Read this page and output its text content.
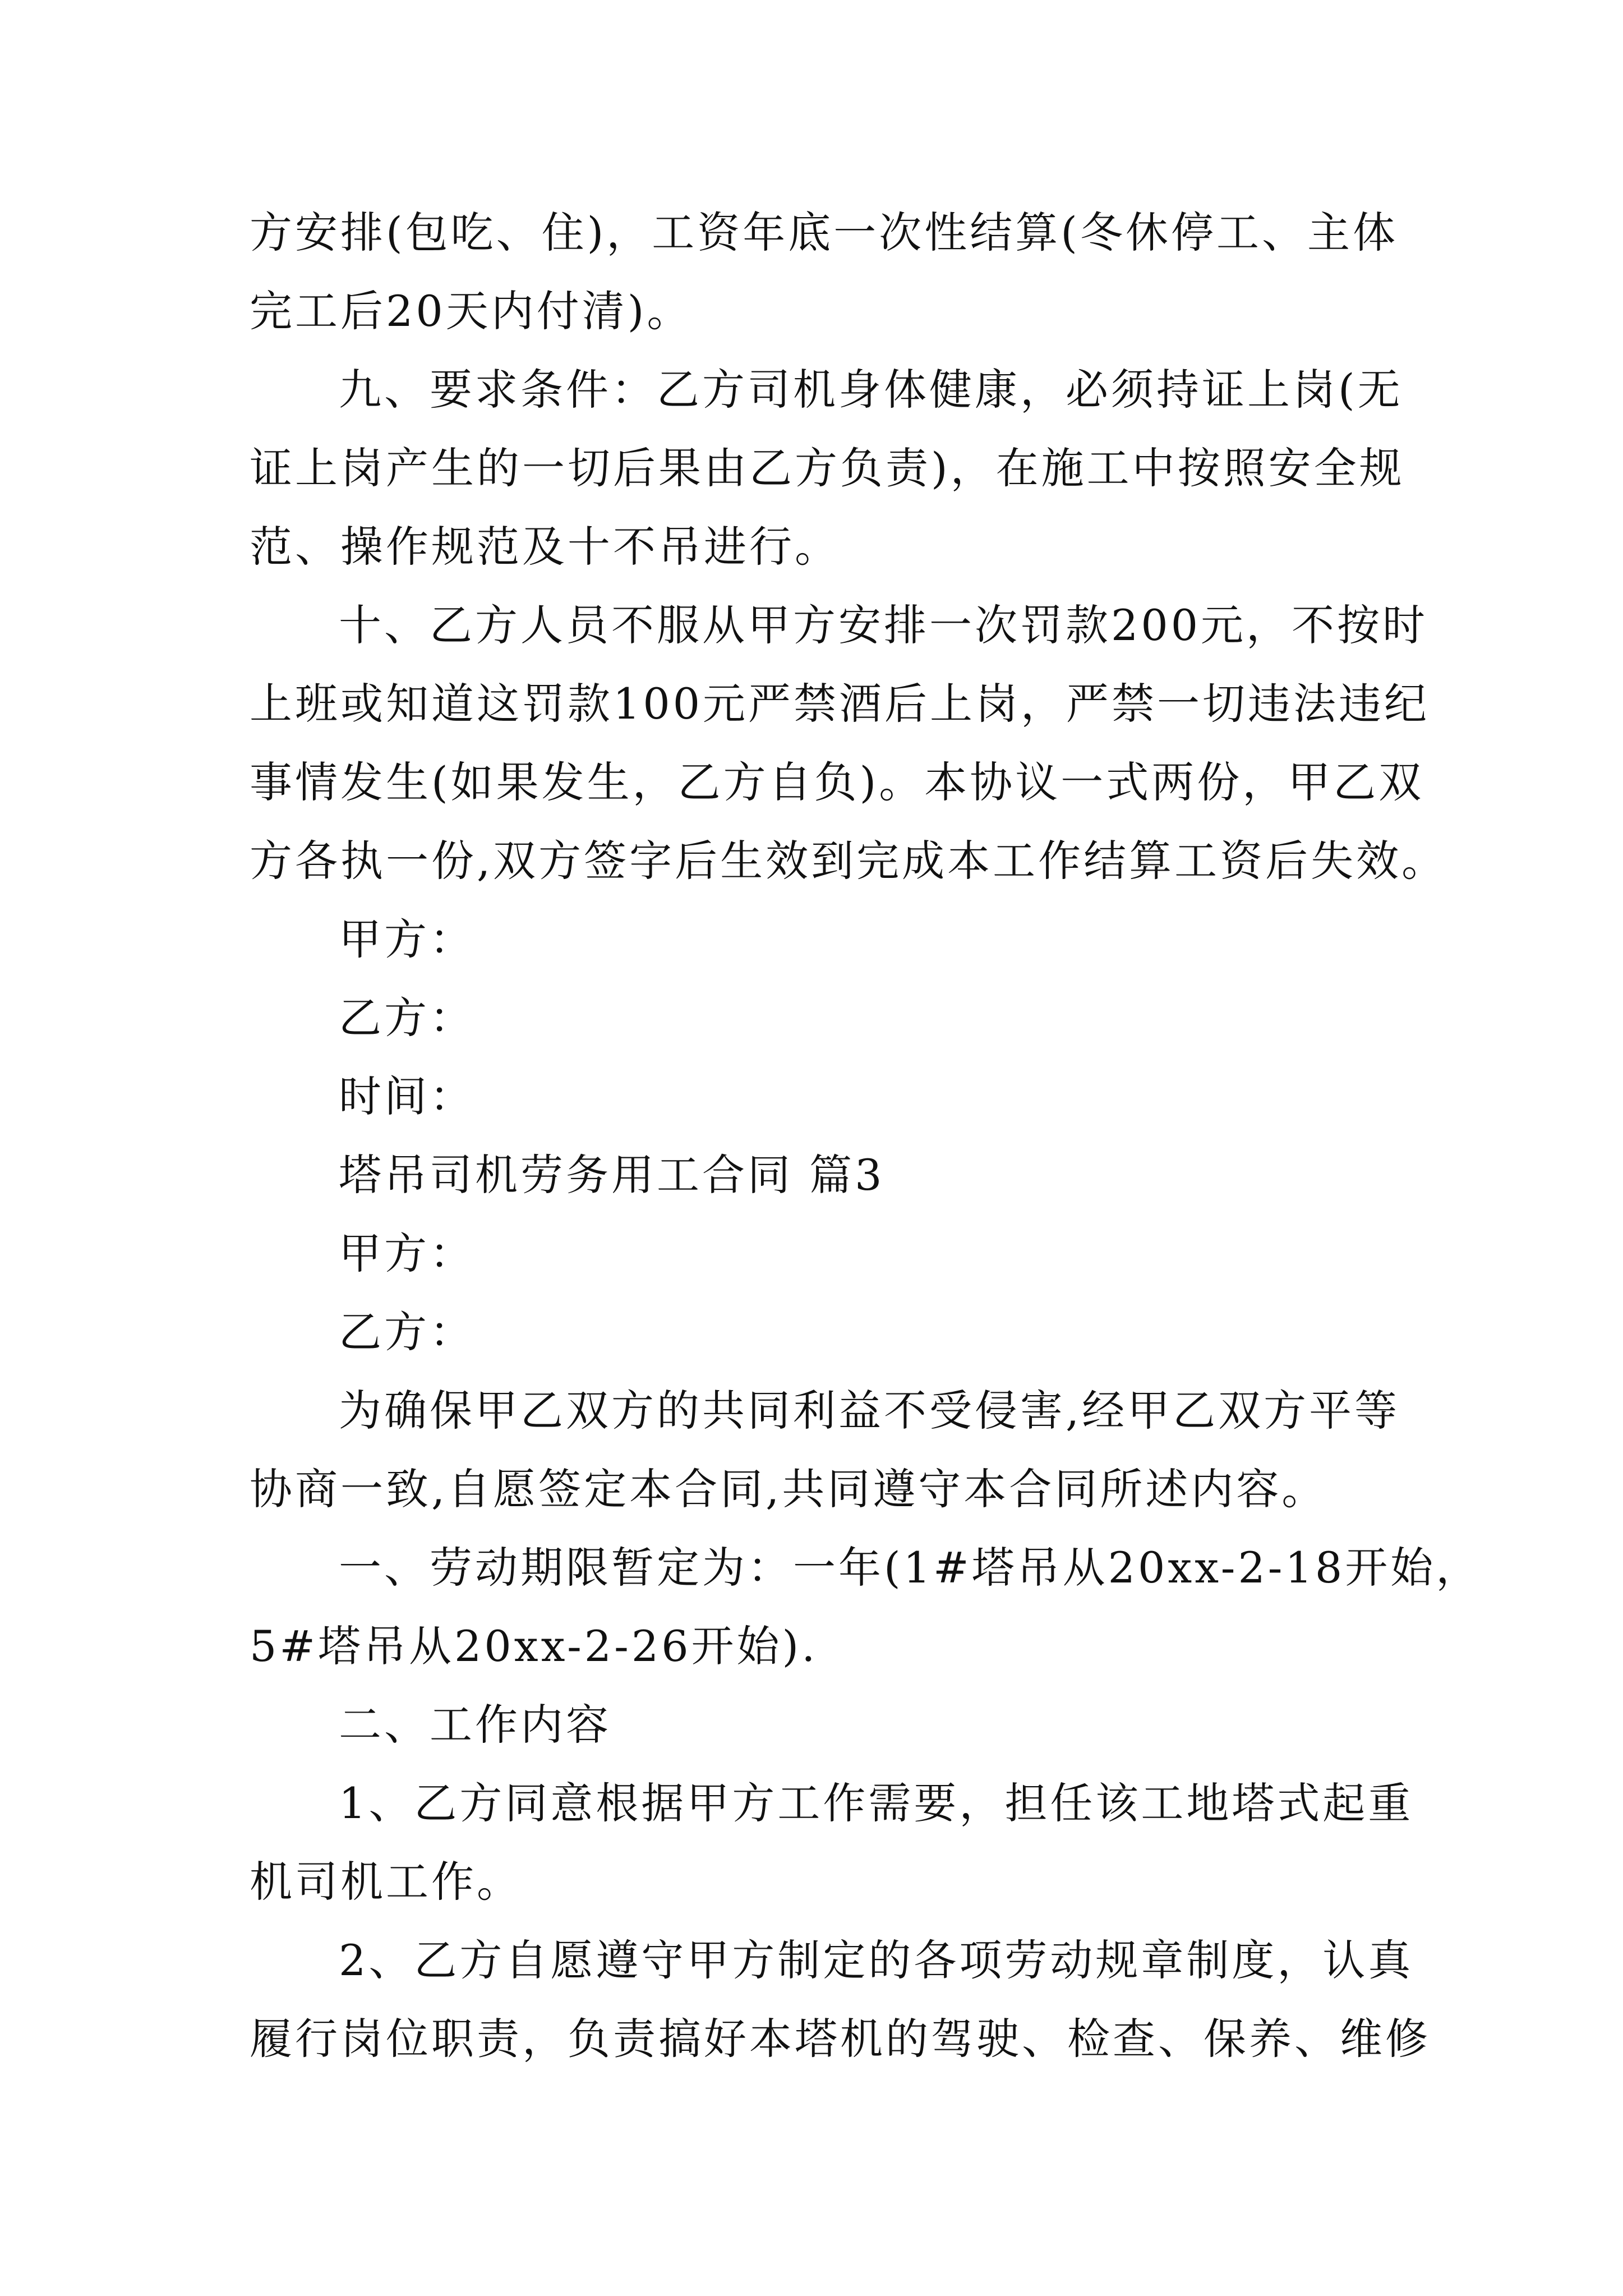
方安排(包吃、住)，工资年底一次性结算(冬休停工、主体
完工后20天内付清)。
九、要求条件：乙方司机身体健康，必须持证上岗(无
证上岗产生的一切后果由乙方负责)，在施工中按照安全规
范、操作规范及十不吊进行。
十、乙方人员不服从甲方安排一次罚款200元，不按时
上班或知道这罚款100元严禁酒后上岗，严禁一切违法违纪
事情发生(如果发生，乙方自负)。本协议一式两份，甲乙双
方各执一份,双方签字后生效到完成本工作结算工资后失效。
甲方：
乙方：
时间：
塔吊司机劳务用工合同 篇3
甲方：
乙方：
为确保甲乙双方的共同利益不受侵害,经甲乙双方平等
协商一致,自愿签定本合同,共同遵守本合同所述内容。
一、劳动期限暂定为：一年(1#塔吊从20xx-2-18开始，
5#塔吊从20xx-2-26开始).
二、工作内容
1、乙方同意根据甲方工作需要，担任该工地塔式起重
机司机工作。
2、乙方自愿遵守甲方制定的各项劳动规章制度，认真
履行岗位职责，负责搞好本塔机的驾驶、检查、保养、维修
